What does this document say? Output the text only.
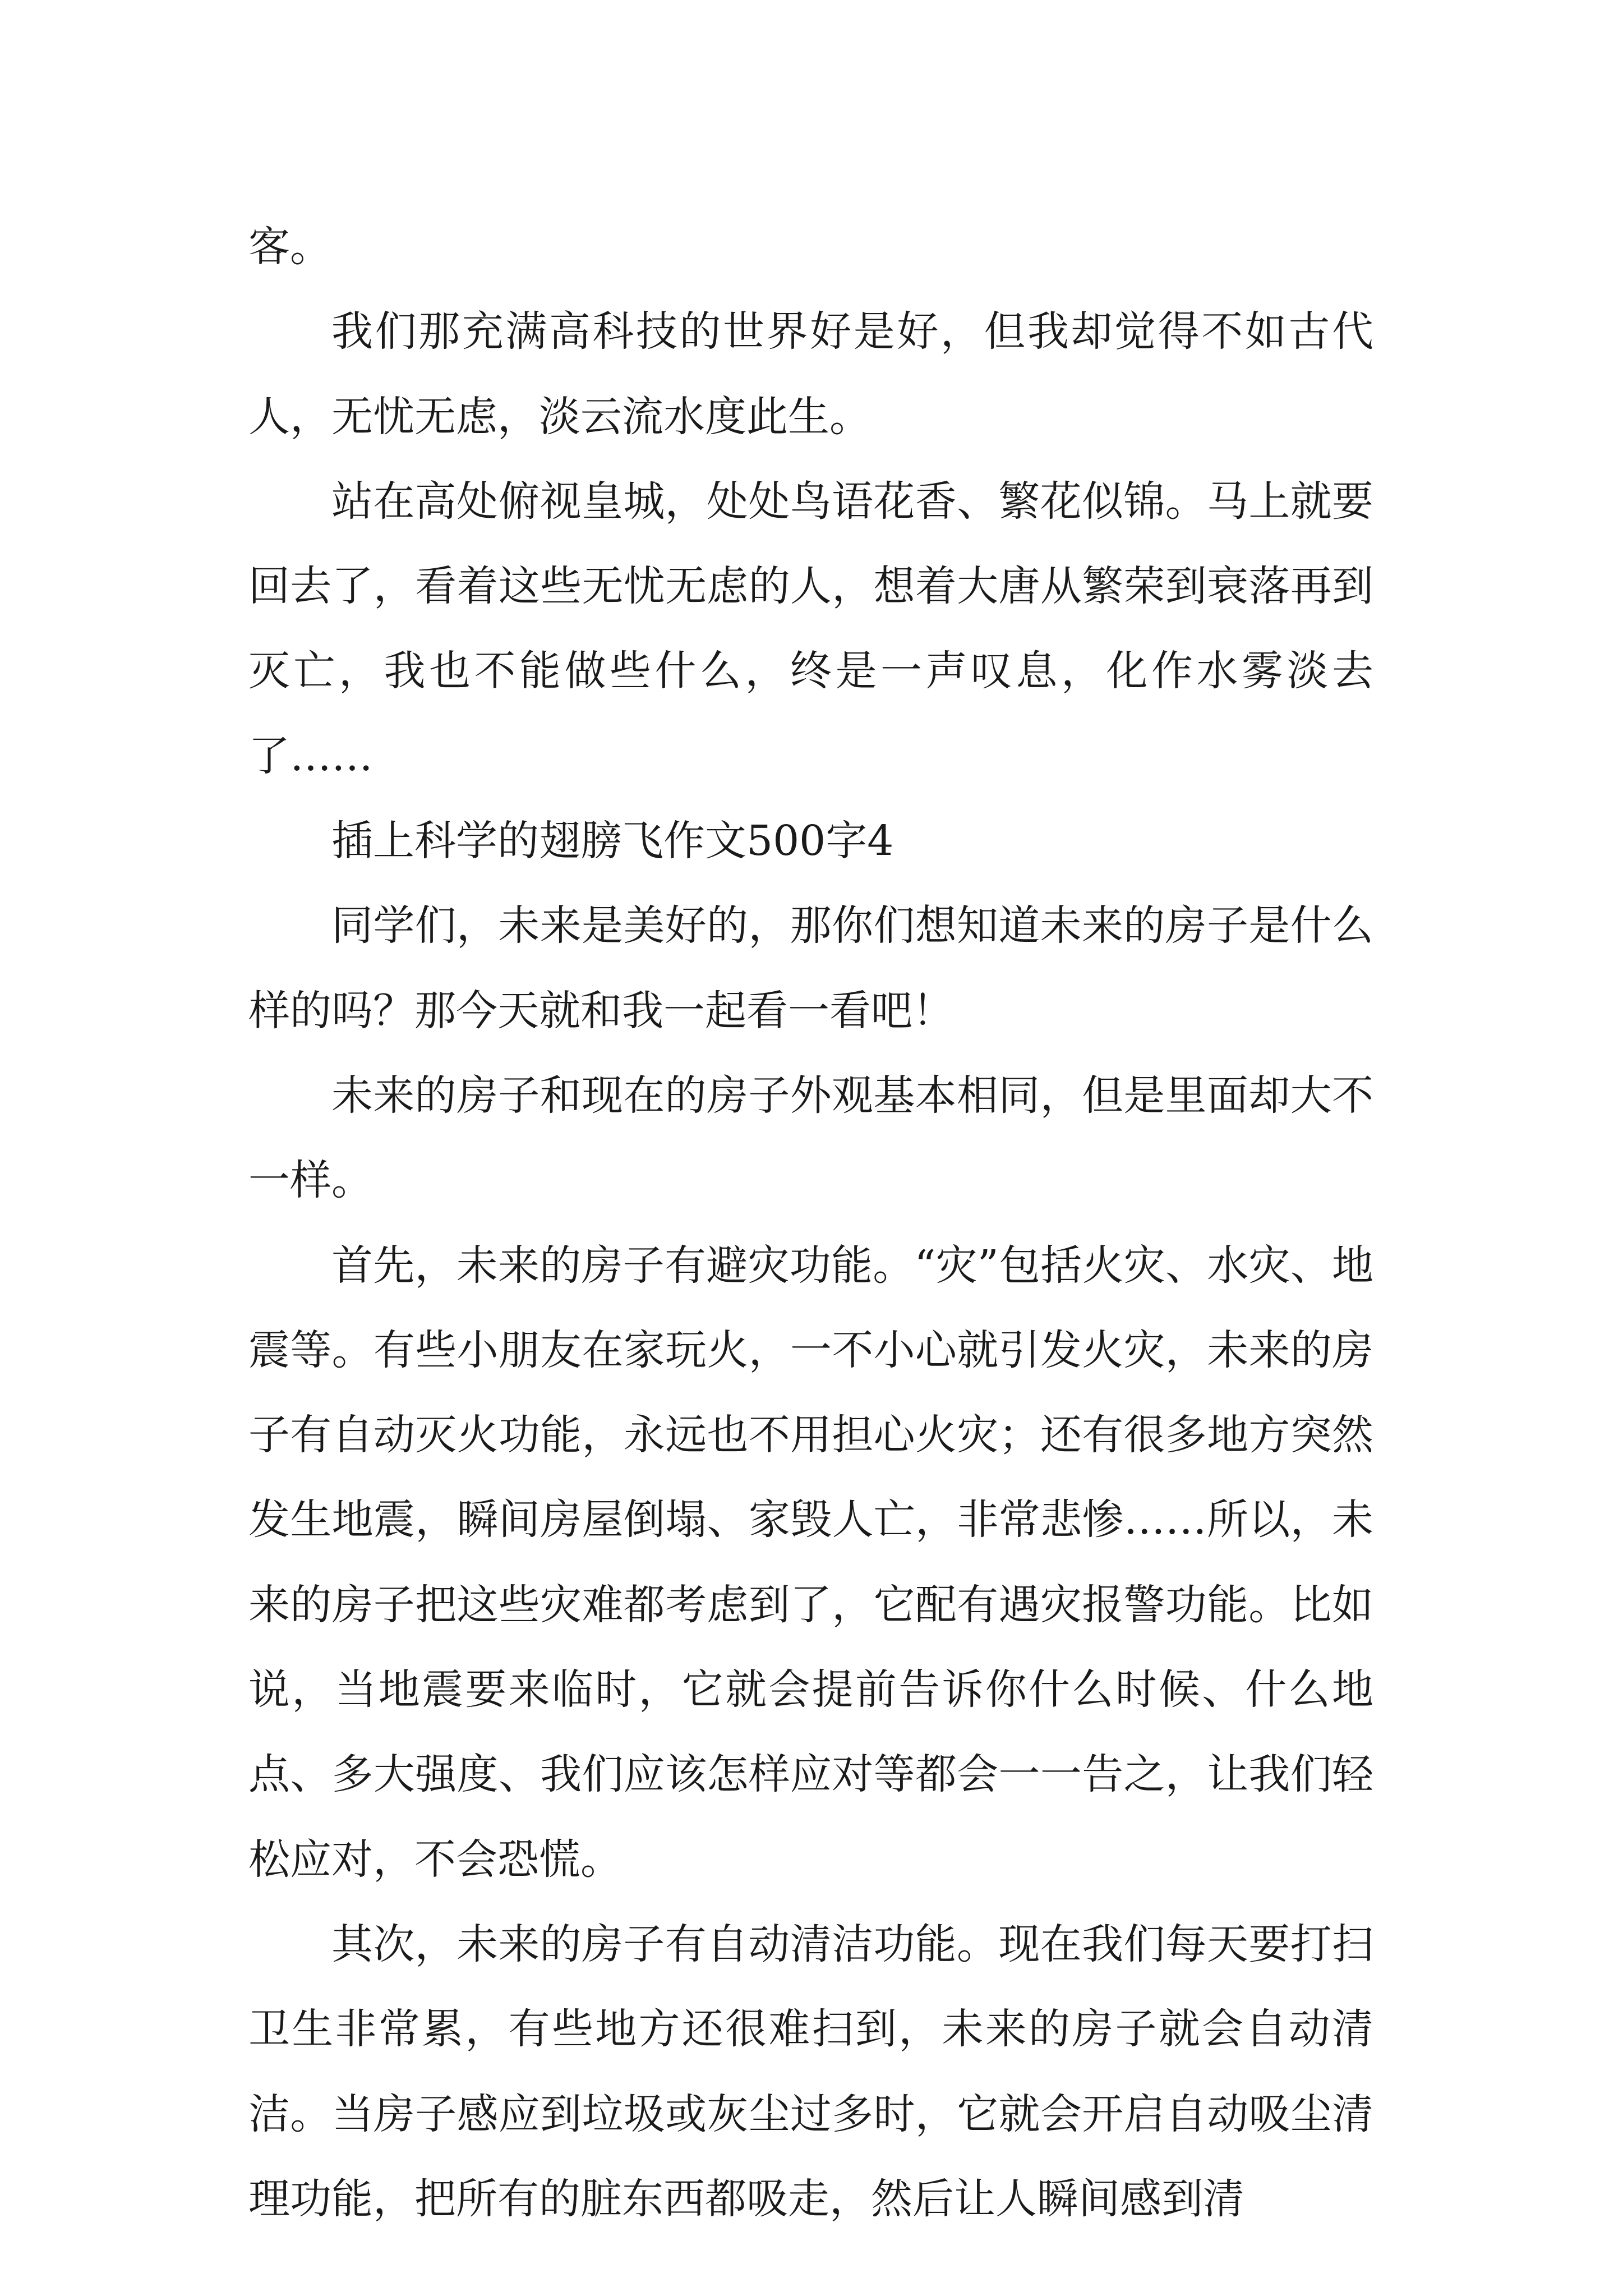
客。

我们那充满高科技的世界好是好，但我却觉得不如古代人，无忧无虑，淡云流水度此生。

站在高处俯视皇城，处处鸟语花香、繁花似锦。马上就要回去了，看着这些无忧无虑的人，想着大唐从繁荣到衰落再到灭亡，我也不能做些什么，终是一声叹息，化作水雾淡去了……

插上科学的翅膀飞作文500字4

同学们，未来是美好的，那你们想知道未来的房子是什么样的吗？那今天就和我一起看一看吧！

未来的房子和现在的房子外观基本相同，但是里面却大不一样。

首先，未来的房子有避灾功能。“灾”包括火灾、水灾、地震等。有些小朋友在家玩火，一不小心就引发火灾，未来的房子有自动灭火功能，永远也不用担心火灾；还有很多地方突然发生地震，瞬间房屋倒塌、家毁人亡，非常悲惨……所以，未来的房子把这些灾难都考虑到了，它配有遇灾报警功能。比如说，当地震要来临时，它就会提前告诉你什么时候、什么地点、多大强度、我们应该怎样应对等都会一一告之，让我们轻松应对，不会恐慌。

其次，未来的房子有自动清洁功能。现在我们每天要打扫卫生非常累，有些地方还很难扫到，未来的房子就会自动清洁。当房子感应到垃圾或灰尘过多时，它就会开启自动吸尘清理功能，把所有的脏东西都吸走，然后让人瞬间感到清
